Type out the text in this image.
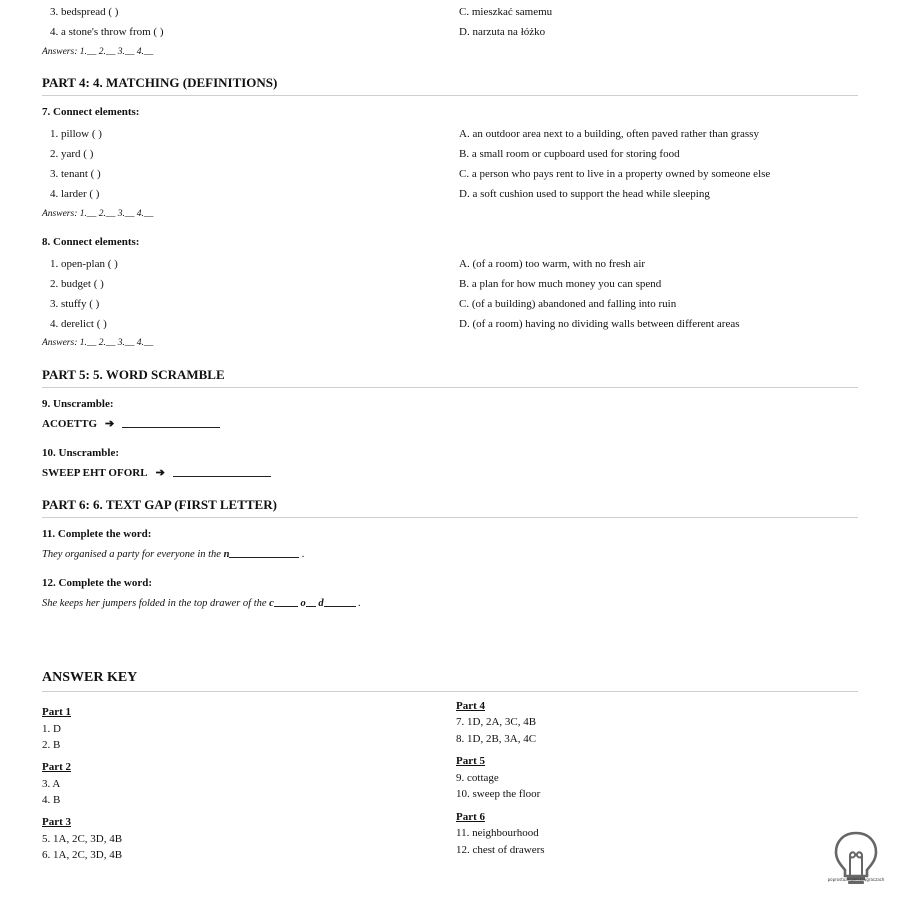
3. bedspread ( )	C. mieszkać samemu
4. a stone's throw from ( )	D. narzuta na łóżko
Answers: 1.__ 2.__ 3.__ 4.__
PART 4: 4. MATCHING (DEFINITIONS)
7. Connect elements:
1. pillow ( )	A. an outdoor area next to a building, often paved rather than grassy
2. yard ( )	B. a small room or cupboard used for storing food
3. tenant ( )	C. a person who pays rent to live in a property owned by someone else
4. larder ( )	D. a soft cushion used to support the head while sleeping
Answers: 1.__ 2.__ 3.__ 4.__
8. Connect elements:
1. open-plan ( )	A. (of a room) too warm, with no fresh air
2. budget ( )	B. a plan for how much money you can spend
3. stuffy ( )	C. (of a building) abandoned and falling into ruin
4. derelict ( )	D. (of a room) having no dividing walls between different areas
Answers: 1.__ 2.__ 3.__ 4.__
PART 5: 5. WORD SCRAMBLE
9. Unscramble:
ACOETTG ➔
10. Unscramble:
SWEEP EHT OFORL ➔
PART 6: 6. TEXT GAP (FIRST LETTER)
11. Complete the word:
They organised a party for everyone in the n	.
12. Complete the word:
She keeps her jumpers folded in the top drawer of the c	o d	.
ANSWER KEY
Part 1
1. D
2. B
Part 2
3. A
4. B
Part 3
5. 1A, 2C, 3D, 4B
6. 1A, 2C, 3D, 4B
Part 4
7. 1D, 2A, 3C, 4B
8. 1D, 2B, 3A, 4C
Part 5
9. cottage
10. sweep the floor
Part 6
11. neighbourhood
12. chest of drawers
poprostuangielskiwgraczach
